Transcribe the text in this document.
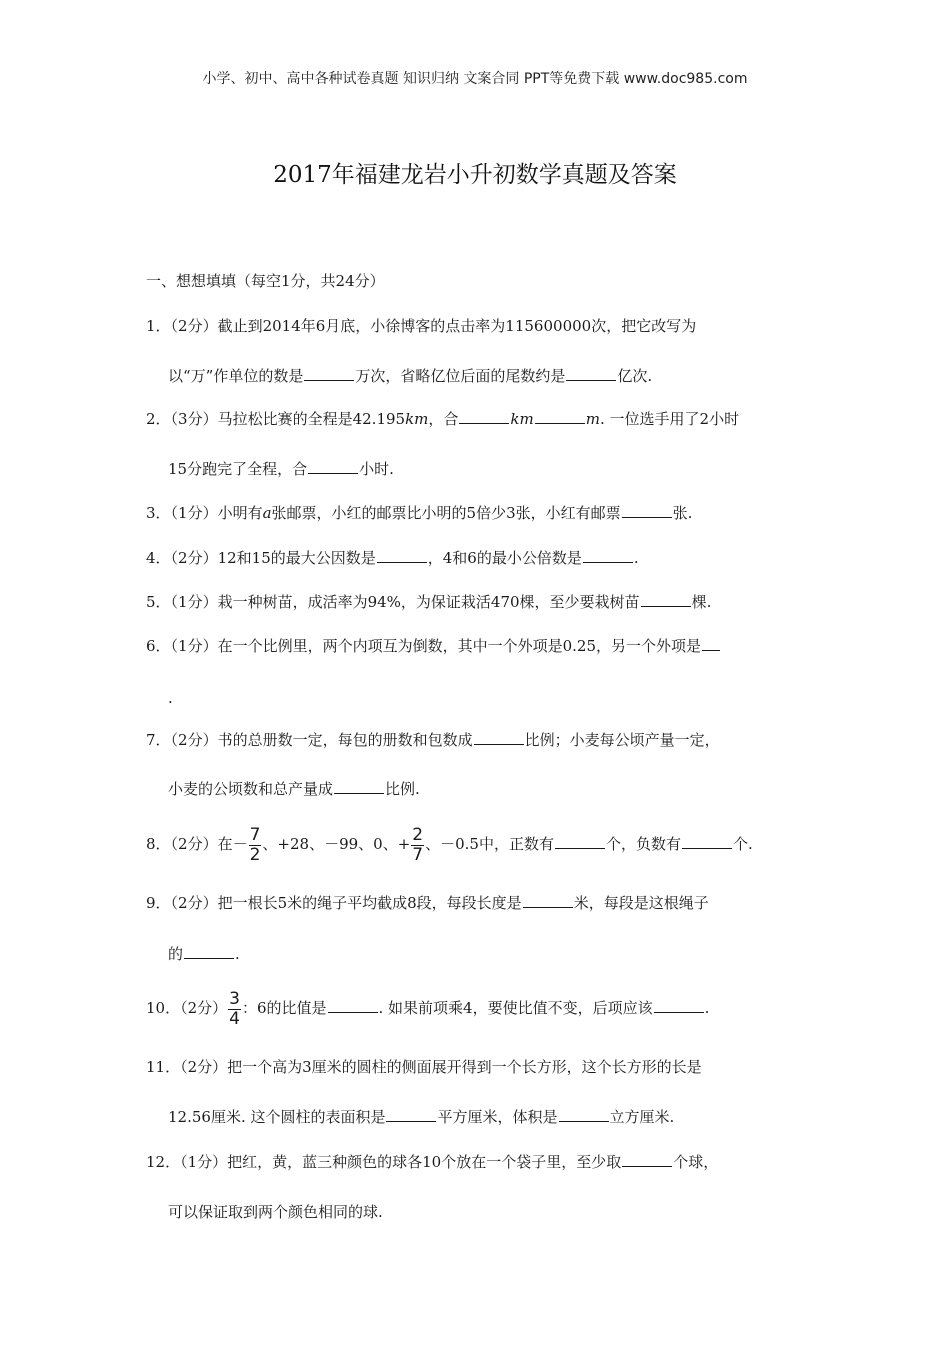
小学、初中、高中各种试卷真题 知识归纳 文案合同 PPT等免费下载 www.doc985.com
2017年福建龙岩小升初数学真题及答案
一、想想填填（每空1分，共24分）
1．（2分）截止到2014年6月底，小徐博客的点击率为115600000次，把它改写为
以“万”作单位的数是	万次，省略亿位后面的尾数约是	亿次.
2．（3分）马拉松比赛的全程是42.195km，合	km	m. 一位选手用了2小时
15分跑完了全程，合	小时.
3．（1分）小明有a张邮票，小红的邮票比小明的5倍少3张，小红有邮票	张.
4．（2分）12和15的最大公因数是	，4和6的最小公倍数是	.
5．（1分）栽一种树苗，成活率为94%，为保证栽活470棵，至少要栽树苗	棵.
6．（1分）在一个比例里，两个内项互为倒数，其中一个外项是0.25，另一个外项是
.
7．（2分）书的总册数一定，每包的册数和包数成	比例；小麦每公顷产量一定，
小麦的公顷数和总产量成	比例.
8．（2分）在－ $\frac{7}{2}$ 、+28、－99、0、+ $\frac{2}{7}$ 、－0.5中，正数有	个，负数有	个.
9．（2分）把一根长5米的绳子平均截成8段，每段长度是	米，每段是这根绳子
的	.
10．（2分） $\frac{3}{4}$ ：6的比值是	. 如果前项乘4，要使比值不变，后项应该	.
11．（2分）把一个高为3厘米的圆柱的侧面展开得到一个长方形，这个长方形的长是
12.56厘米. 这个圆柱的表面积是	平方厘米，体积是	立方厘米.
12．（1分）把红，黄，蓝三种颜色的球各10个放在一个袋子里，至少取	个球，
可以保证取到两个颜色相同的球.
